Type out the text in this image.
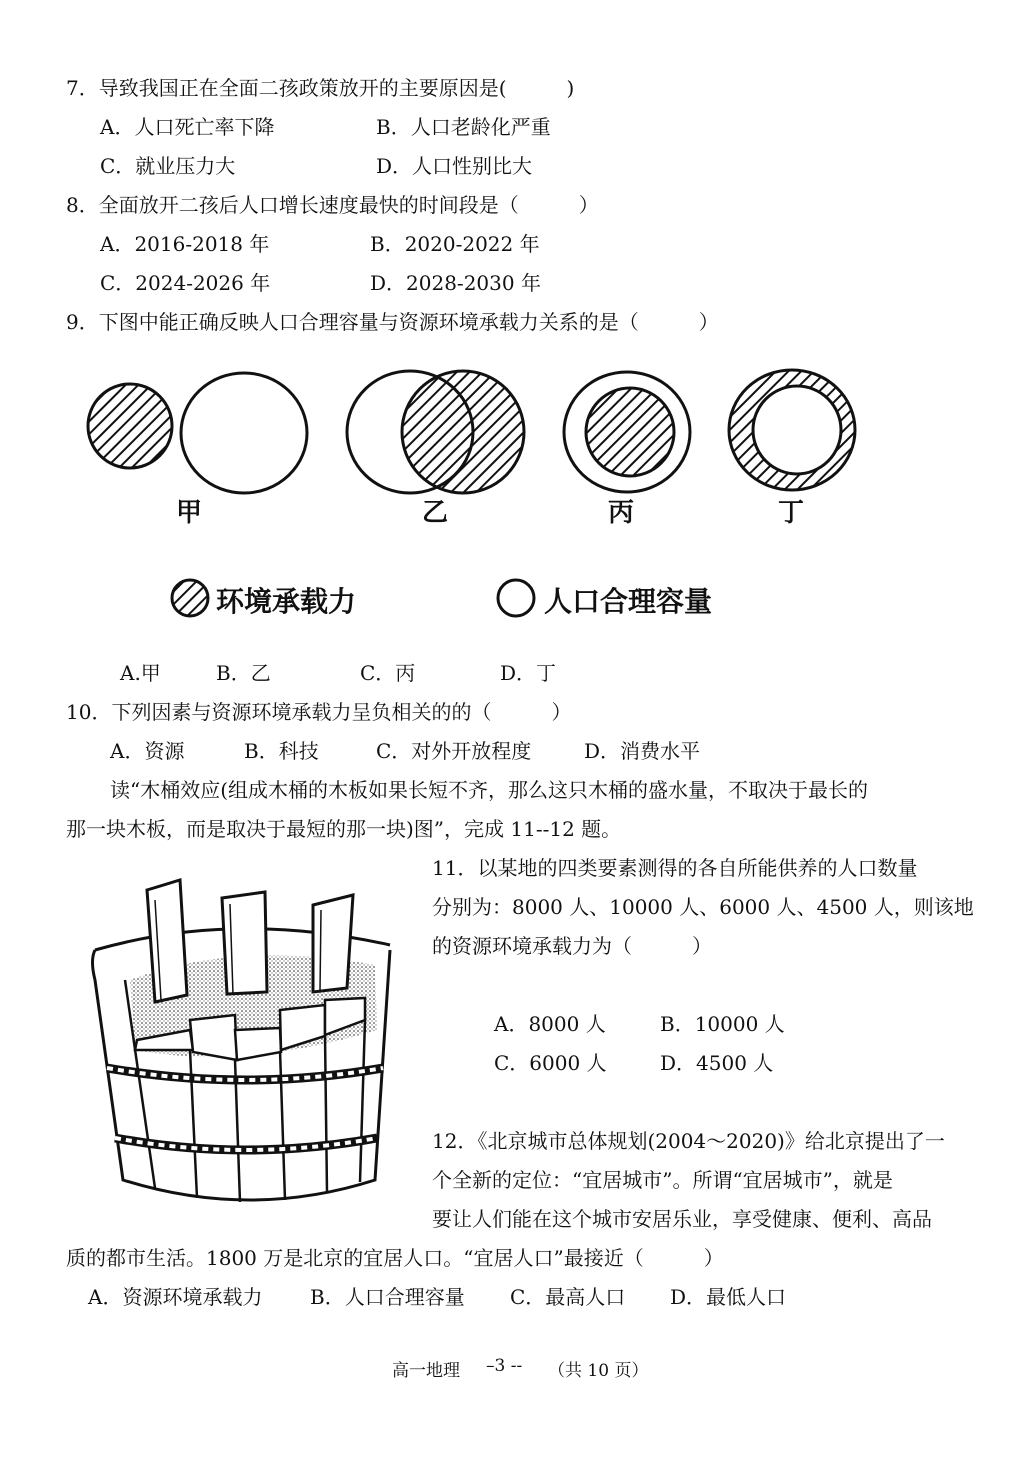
7．导致我国正在全面二孩政策放开的主要原因是(　　　)
A．人口死亡率下降	B．人口老龄化严重
C．就业压力大	D．人口性别比大
8．全面放开二孩后人口增长速度最快的时间段是（　　　）
A．2016-2018 年	B．2020-2022 年
C．2024-2026 年	D．2028-2030 年
9．下图中能正确反映人口合理容量与资源环境承载力关系的是（　　　）
甲	乙	丙	丁
环境承载力	人口合理容量
A.甲	B．乙	C．丙	D．丁
10．下列因素与资源环境承载力呈负相关的的（　　　）
A．资源	B．科技	C．对外开放程度	D．消费水平
读“木桶效应(组成木桶的木板如果长短不齐，那么这只木桶的盛水量，不取决于最长的
那一块木板，而是取决于最短的那一块)图”，完成 11--12 题。
11．以某地的四类要素测得的各自所能供养的人口数量
分别为：8000 人、10000 人、6000 人、4500 人，则该地
的资源环境承载力为（　　　）
A．8000 人	B．10000 人
C．6000 人	D．4500 人
12．《北京城市总体规划(2004～2020)》给北京提出了一
个全新的定位：“宜居城市”。所谓“宜居城市”，就是
要让人们能在这个城市安居乐业，享受健康、便利、高品
质的都市生活。1800 万是北京的宜居人口。“宜居人口”最接近（　　　）
A．资源环境承载力 B．人口合理容量 C．最高人口 D．最低人口
高一地理 –3 -- （共 10 页）
